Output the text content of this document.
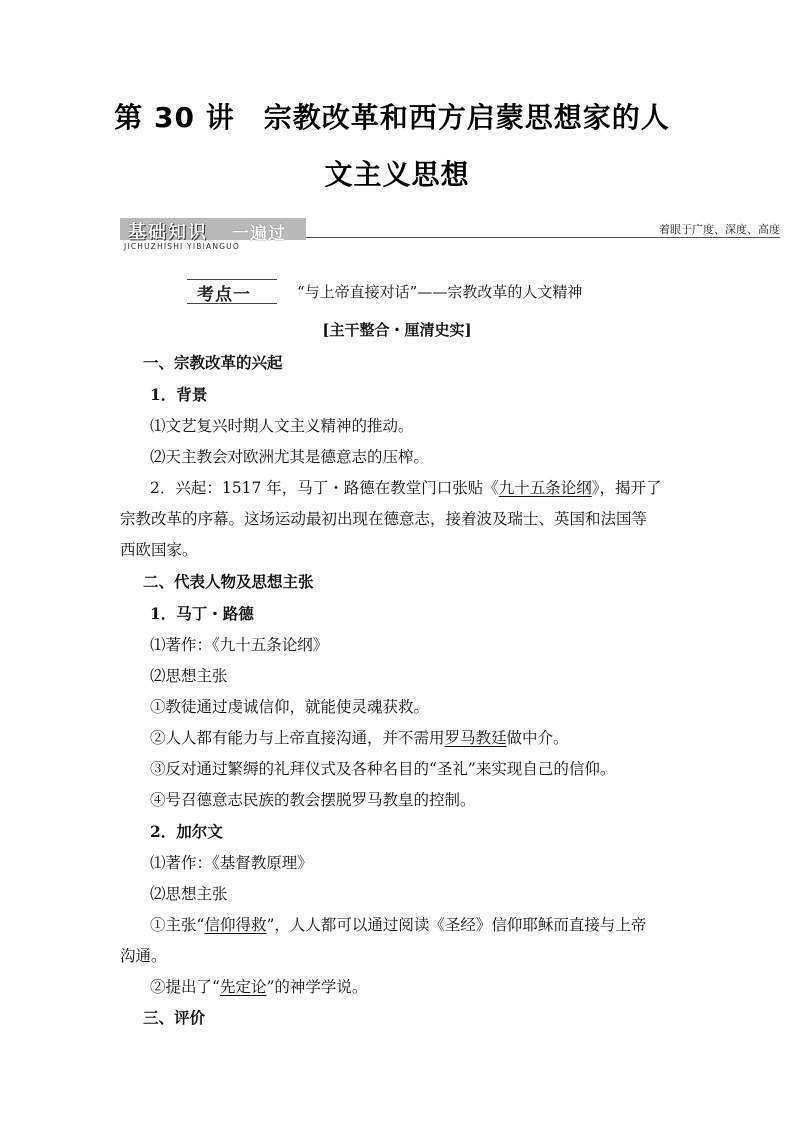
第 30 讲　宗教改革和西方启蒙思想家的人
文主义思想
基础知识 一遍过
JICHUZHISHI YIBIANGUO
着眼于广度、深度、高度
考点一	“与上帝直接对话”——宗教改革的人文精神
[主干整合・厘清史实]
一、宗教改革的兴起
1．背景
⑴文艺复兴时期人文主义精神的推动。
⑵天主教会对欧洲尤其是德意志的压榨。
2．兴起：1517 年，马丁・路德在教堂门口张贴《九十五条论纲》，揭开了
宗教改革的序幕。这场运动最初出现在德意志，接着波及瑞士、英国和法国等
西欧国家。
二、代表人物及思想主张
1．马丁・路德
⑴著作：《九十五条论纲》
⑵思想主张
①教徒通过虔诚信仰，就能使灵魂获救。
②人人都有能力与上帝直接沟通，并不需用罗马教廷做中介。
③反对通过繁缛的礼拜仪式及各种名目的“圣礼”来实现自己的信仰。
④号召德意志民族的教会摆脱罗马教皇的控制。
2．加尔文
⑴著作：《基督教原理》
⑵思想主张
①主张“信仰得救”，人人都可以通过阅读《圣经》信仰耶稣而直接与上帝
沟通。
②提出了“先定论”的神学学说。
三、评价
